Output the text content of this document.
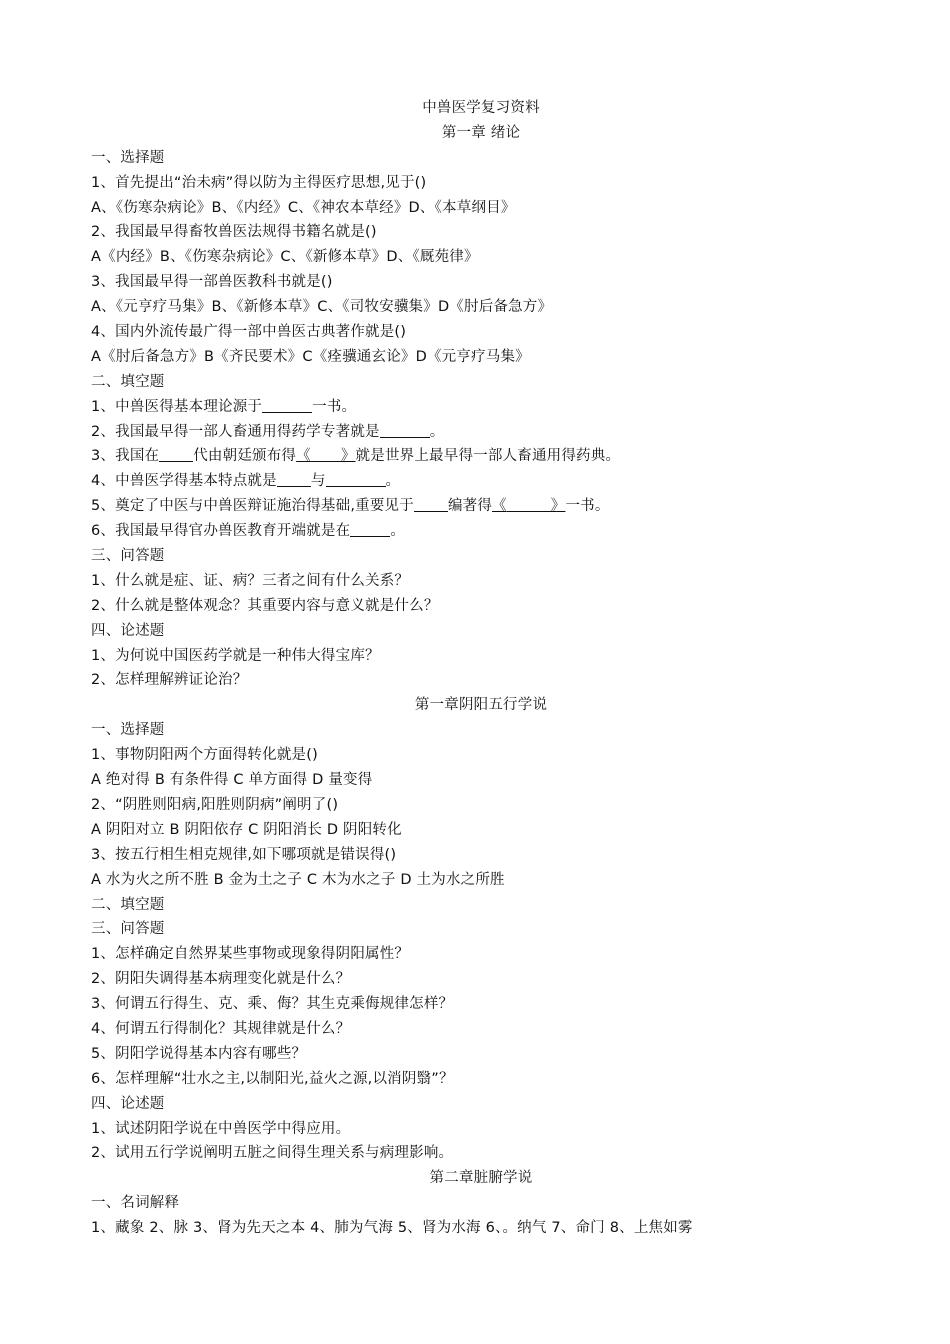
中兽医学复习资料
第一章 绪论
一、选择题
1、首先提出“治未病”得以防为主得医疗思想,见于()
A、《伤寒杂病论》B、《内经》C、《神农本草经》D、《本草纲目》
2、我国最早得畜牧兽医法规得书籍名就是()
A《内经》B、《伤寒杂病论》C、《新修本草》D、《厩苑律》
3、我国最早得一部兽医教科书就是()
A、《元亨疗马集》B、《新修本草》C、《司牧安骥集》D《肘后备急方》
4、国内外流传最广得一部中兽医古典著作就是()
A《肘后备急方》B《齐民要术》C《痊骥通玄论》D《元亨疗马集》
二、填空题
1、中兽医得基本理论源于	一书。
2、我国最早得一部人畜通用得药学专著就是	。
3、我国在 代由朝廷颁布得《 》就是世界上最早得一部人畜通用得药典。
4、中兽医学得基本特点就是 与	。
5、奠定了中医与中兽医辩证施治得基础,重要见于 编著得《	》一书。
6、我国最早得官办兽医教育开端就是在	。
三、问答题
1、什么就是症、证、病？三者之间有什么关系？
2、什么就是整体观念？其重要内容与意义就是什么？
四、论述题
1、为何说中国医药学就是一种伟大得宝库？
2、怎样理解辨证论治？
第一章阴阳五行学说
一、选择题
1、事物阴阳两个方面得转化就是()
A 绝对得 B 有条件得 C 单方面得 D 量变得
2、“阴胜则阳病,阳胜则阴病”阐明了()
A 阴阳对立 B 阴阳依存 C 阴阳消长 D 阴阳转化
3、按五行相生相克规律,如下哪项就是错误得()
A 水为火之所不胜 B 金为土之子 C 木为水之子 D 土为水之所胜
二、填空题
三、问答题
1、怎样确定自然界某些事物或现象得阴阳属性？
2、阴阳失调得基本病理变化就是什么？
3、何谓五行得生、克、乘、侮？其生克乘侮规律怎样？
4、何谓五行得制化？其规律就是什么？
5、阴阳学说得基本内容有哪些？
6、怎样理解“壮水之主,以制阳光,益火之源,以消阴翳”？
四、论述题
1、试述阴阳学说在中兽医学中得应用。
2、试用五行学说阐明五脏之间得生理关系与病理影响。
第二章脏腑学说
一、名词解释
1、藏象 2、脉 3、肾为先天之本 4、肺为气海 5、肾为水海 6、。纳气 7、命门 8、上焦如雾
